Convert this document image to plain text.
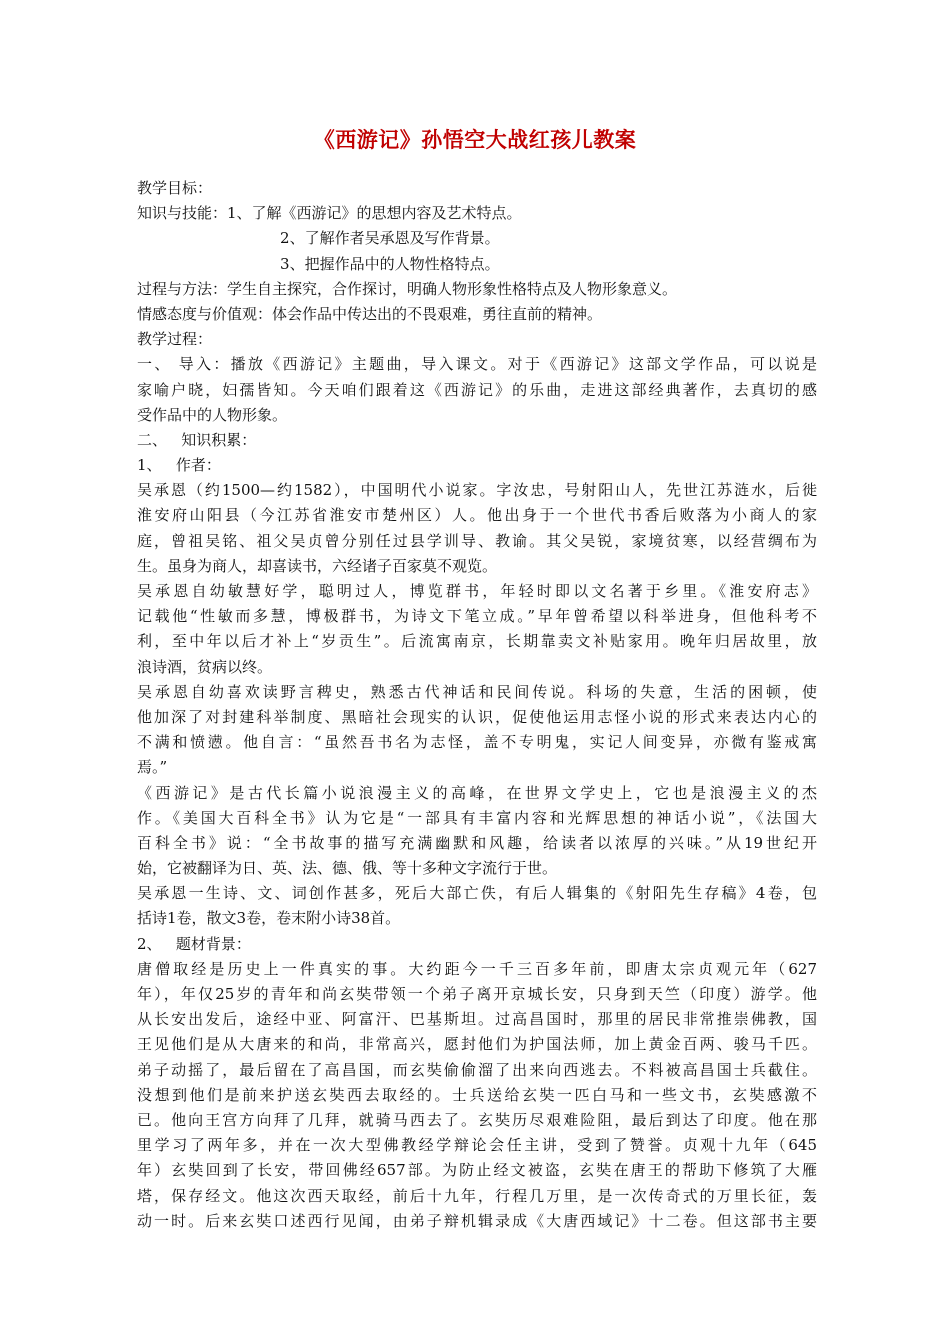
《西游记》孙悟空大战红孩儿教案
教学目标：
知识与技能：1、了解《西游记》的思想内容及艺术特点。
2、了解作者吴承恩及写作背景。
3、把握作品中的人物性格特点。
过程与方法：学生自主探究，合作探讨，明确人物形象性格特点及人物形象意义。
情感态度与价值观：体会作品中传达出的不畏艰难，勇往直前的精神。
教学过程：
一、 导入：播放《西游记》主题曲，导入课文。对于《西游记》这部文学作品，可以说是
家喻户晓，妇孺皆知。今天咱们跟着这《西游记》的乐曲，走进这部经典著作，去真切的感
受作品中的人物形象。
二、   知识积累：
1、   作者：
吴承恩（约1500—约1582），中国明代小说家。字汝忠，号射阳山人，先世江苏涟水，后徙
淮安府山阳县（今江苏省淮安市楚州区）人。他出身于一个世代书香后败落为小商人的家
庭，曾祖吴铭、祖父吴贞曾分别任过县学训导、教谕。其父吴锐，家境贫寒，以经营绸布为
生。虽身为商人，却喜读书，六经诸子百家莫不观览。
吴承恩自幼敏慧好学，聪明过人，博览群书，年轻时即以文名著于乡里。《淮安府志》
记载他“性敏而多慧，博极群书，为诗文下笔立成。”早年曾希望以科举进身，但他科考不
利，至中年以后才补上“岁贡生”。后流寓南京，长期靠卖文补贴家用。晚年归居故里，放
浪诗酒，贫病以终。
吴承恩自幼喜欢读野言稗史，熟悉古代神话和民间传说。科场的失意，生活的困顿，使
他加深了对封建科举制度、黑暗社会现实的认识，促使他运用志怪小说的形式来表达内心的
不满和愤懑。他自言：“虽然吾书名为志怪，盖不专明鬼，实记人间变异，亦微有鉴戒寓
焉。”
《西游记》是古代长篇小说浪漫主义的高峰，在世界文学史上，它也是浪漫主义的杰
作。《美国大百科全书》认为它是“一部具有丰富内容和光辉思想的神话小说”，《法国大
百科全书》说：“全书故事的描写充满幽默和风趣，给读者以浓厚的兴味。”从19世纪开
始，它被翻译为日、英、法、德、俄、等十多种文字流行于世。
吴承恩一生诗、文、词创作甚多，死后大部亡佚，有后人辑集的《射阳先生存稿》4卷，包
括诗1卷，散文3卷，卷末附小诗38首。
2、   题材背景：
唐僧取经是历史上一件真实的事。大约距今一千三百多年前，即唐太宗贞观元年（627
年），年仅25岁的青年和尚玄奘带领一个弟子离开京城长安，只身到天竺（印度）游学。他
从长安出发后，途经中亚、阿富汗、巴基斯坦。过高昌国时，那里的居民非常推崇佛教，国
王见他们是从大唐来的和尚，非常高兴，愿封他们为护国法师，加上黄金百两、骏马千匹。
弟子动摇了，最后留在了高昌国，而玄奘偷偷溜了出来向西逃去。不料被高昌国士兵截住。
没想到他们是前来护送玄奘西去取经的。士兵送给玄奘一匹白马和一些文书，玄奘感激不
已。他向王宫方向拜了几拜，就骑马西去了。玄奘历尽艰难险阻，最后到达了印度。他在那
里学习了两年多，并在一次大型佛教经学辩论会任主讲，受到了赞誉。贞观十九年（645
年）玄奘回到了长安，带回佛经657部。为防止经文被盗，玄奘在唐王的帮助下修筑了大雁
塔，保存经文。他这次西天取经，前后十九年，行程几万里，是一次传奇式的万里长征，轰
动一时。后来玄奘口述西行见闻，由弟子辩机辑录成《大唐西域记》十二卷。但这部书主要
